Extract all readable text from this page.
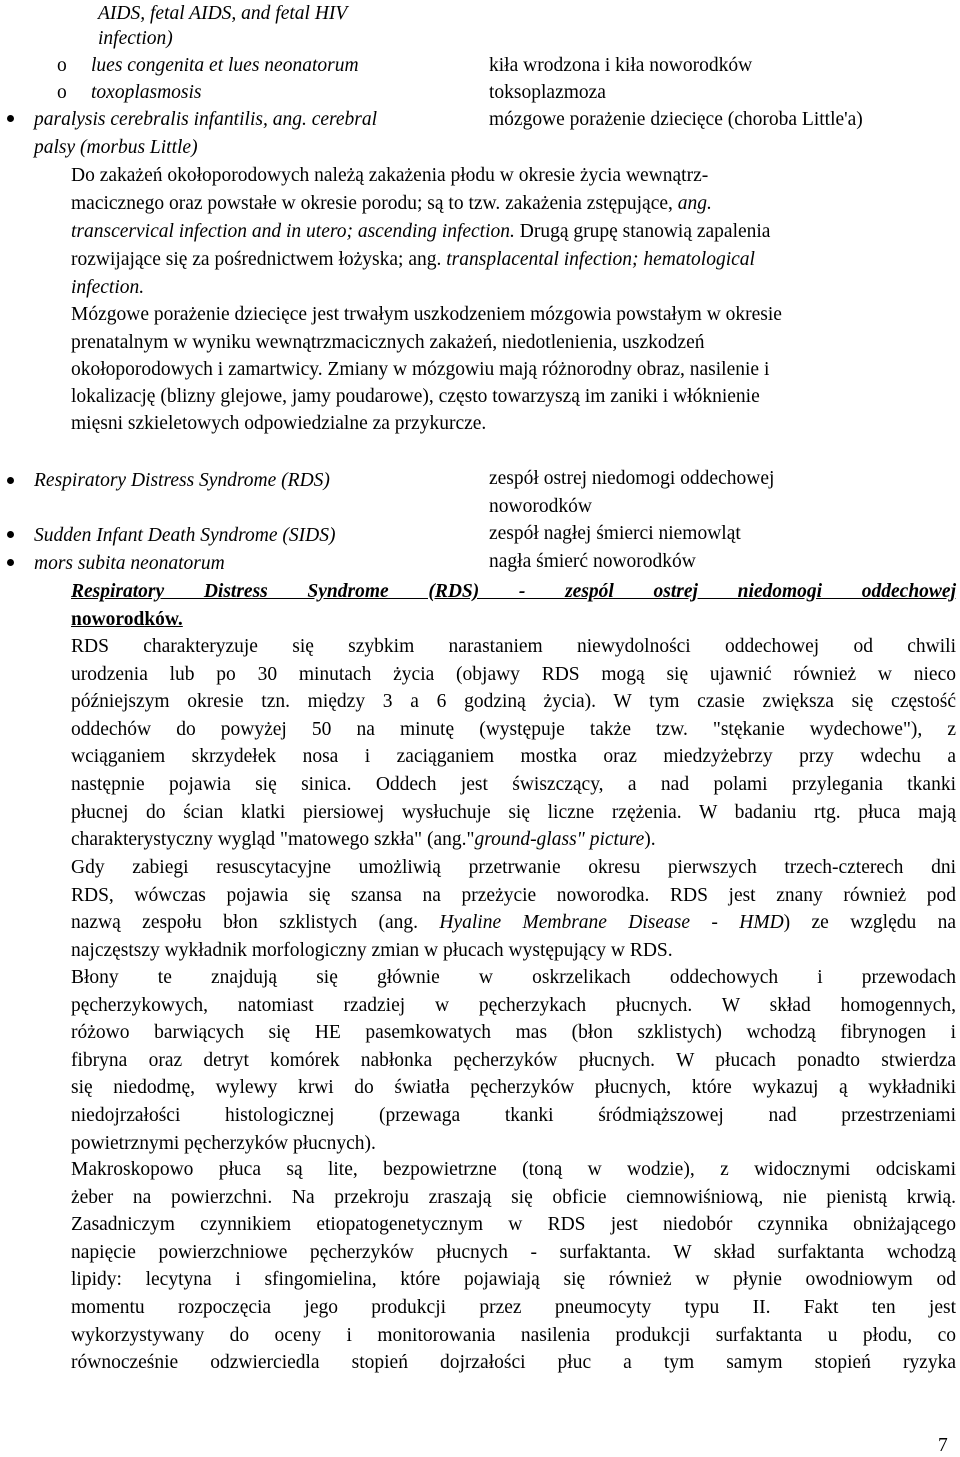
AIDS, fetal AIDS, and fetal HIV
infection)
o lues congenita et lues neonatorum	kiła wrodzona i kiła noworodków
o toxoplasmosis	toksoplazmoza
paralysis cerebralis infantilis, ang. cerebral	mózgowe porażenie dziecięce (choroba Little'a)
palsy (morbus Little)
Do zakażeń okołoporodowych należą zakażenia płodu w okresie życia wewnątrz-
macicznego oraz powstałe w okresie porodu; są to tzw. zakażenia zstępujące, ang.
transcervical infection and in utero; ascending infection. Drugą grupę stanowią zapalenia
rozwijające się za pośrednictwem łożyska; ang. transplacental infection; hematological
infection.
Mózgowe porażenie dziecięce jest trwałym uszkodzeniem mózgowia powstałym w okresie
prenatalnym w wyniku wewnątrzmacicznych zakażeń, niedotlenienia, uszkodzeń
okołoporodowych i zamartwicy. Zmiany w mózgowiu mają różnorodny obraz, nasilenie i
lokalizację (blizny glejowe, jamy poudarowe), często towarzyszą im zaniki i włóknienie
mięsni szkieletowych odpowiedzialne za przykurcze.
Respiratory Distress Syndrome (RDS)	zespół ostrej niedomogi oddechowej
noworodków
Sudden Infant Death Syndrome (SIDS)	zespół nagłej śmierci niemowląt
mors subita neonatorum	nagła śmierć noworodków
Respiratory Distress Syndrome (RDS) - zespól ostrej niedomogi oddechowej
noworodków.
RDS charakteryzuje się szybkim narastaniem niewydolności oddechowej od chwili
urodzenia lub po 30 minutach życia (objawy RDS mogą się ujawnić również w nieco
późniejszym okresie tzn. między 3 a 6 godziną życia). W tym czasie zwiększa się częstość
oddechów do powyżej 50 na minutę (występuje także tzw. "stękanie wydechowe"), z
wciąganiem skrzydełek nosa i zaciąganiem mostka oraz miedzyżebrzy przy wdechu a
następnie pojawia się sinica. Oddech jest świszczący, a nad polami przylegania tkanki
płucnej do ścian klatki piersiowej wysłuchuje się liczne rzężenia. W badaniu rtg. płuca mają
charakterystyczny wygląd "matowego szkła" (ang."ground-glass" picture).
Gdy zabiegi resuscytacyjne umożliwią przetrwanie okresu pierwszych trzech-czterech dni
RDS, wówczas pojawia się szansa na przeżycie noworodka. RDS jest znany również pod
nazwą zespołu błon szklistych (ang. Hyaline Membrane Disease - HMD) ze względu na
najczęstszy wykładnik morfologiczny zmian w płucach występujący w RDS.
Błony te znajdują się głównie w oskrzelikach oddechowych i przewodach
pęcherzykowych, natomiast rzadziej w pęcherzykach płucnych. W skład homogennych,
różowo barwiących się HE pasemkowatych mas (błon szklistych) wchodzą fibrynogen i
fibryna oraz detryt komórek nabłonka pęcherzyków płucnych. W płucach ponadto stwierdza
się niedodmę, wylewy krwi do światła pęcherzyków płucnych, które wykazuj ą wykładniki
niedojrzałości histologicznej (przewaga tkanki śródmiąższowej nad przestrzeniami
powietrznymi pęcherzyków płucnych).
Makroskopowo płuca są lite, bezpowietrzne (toną w wodzie), z widocznymi odciskami
żeber na powierzchni. Na przekroju zraszają się obficie ciemnowiśniową, nie pienistą krwią.
Zasadniczym czynnikiem etiopatogenetycznym w RDS jest niedobór czynnika obniżającego
napięcie powierzchniowe pęcherzyków płucnych - surfaktanta. W skład surfaktanta wchodzą
lipidy: lecytyna i sfingomielina, które pojawiają się również w płynie owodniowym od
momentu rozpoczęcia jego produkcji przez pneumocyty typu II. Fakt ten jest
wykorzystywany do oceny i monitorowania nasilenia produkcji surfaktanta u płodu, co
równocześnie odzwierciedla stopień dojrzałości płuc a tym samym stopień ryzyka
7
